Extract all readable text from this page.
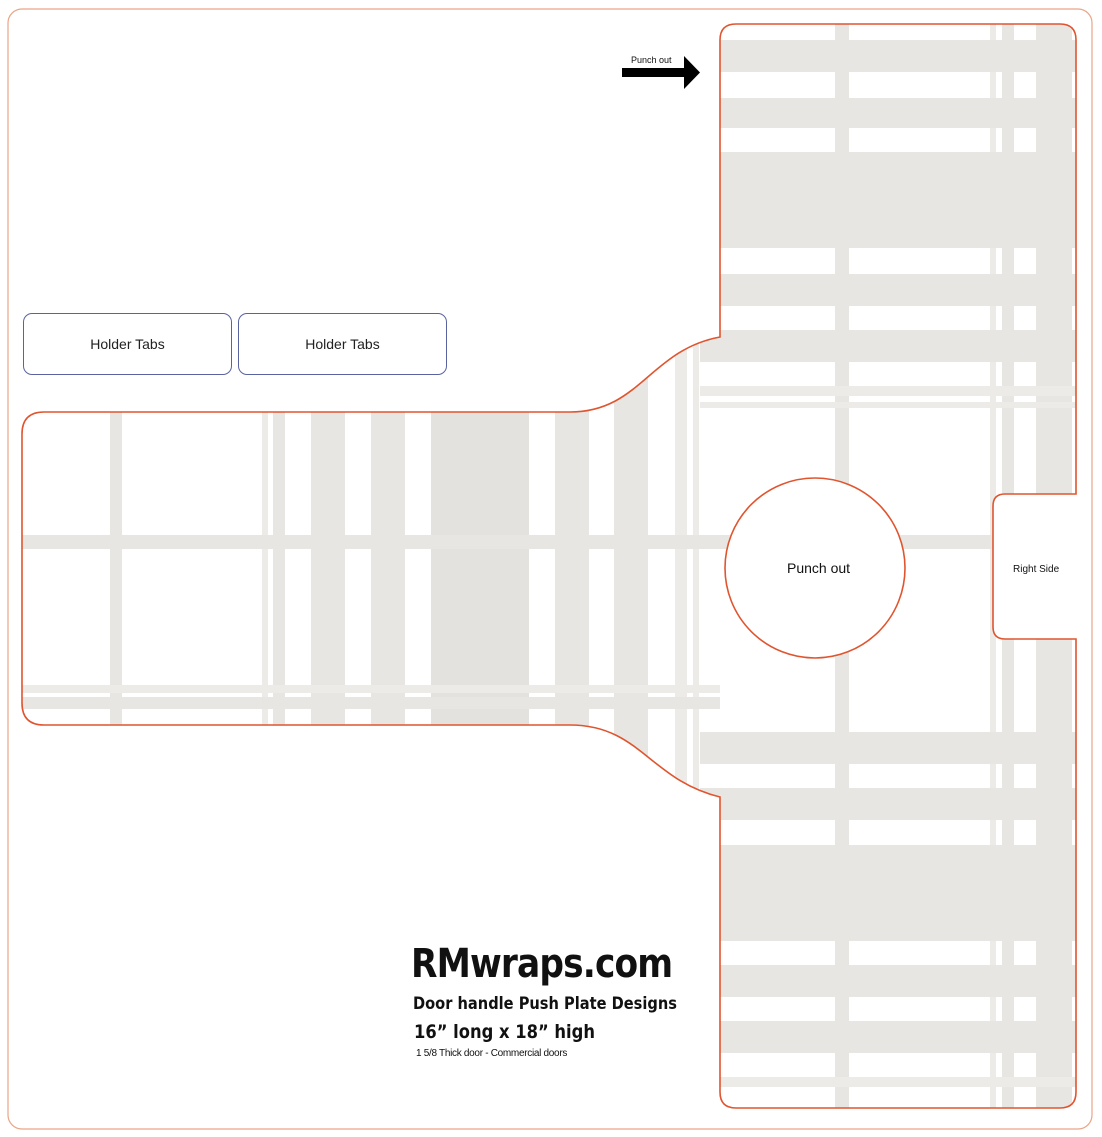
Holder Tabs	Holder Tabs
Punch out
Punch out	Right Side
RMwraps.com
Door handle Push Plate Designs
16” long x 18” high
1 5/8 Thick door - Commercial doors
